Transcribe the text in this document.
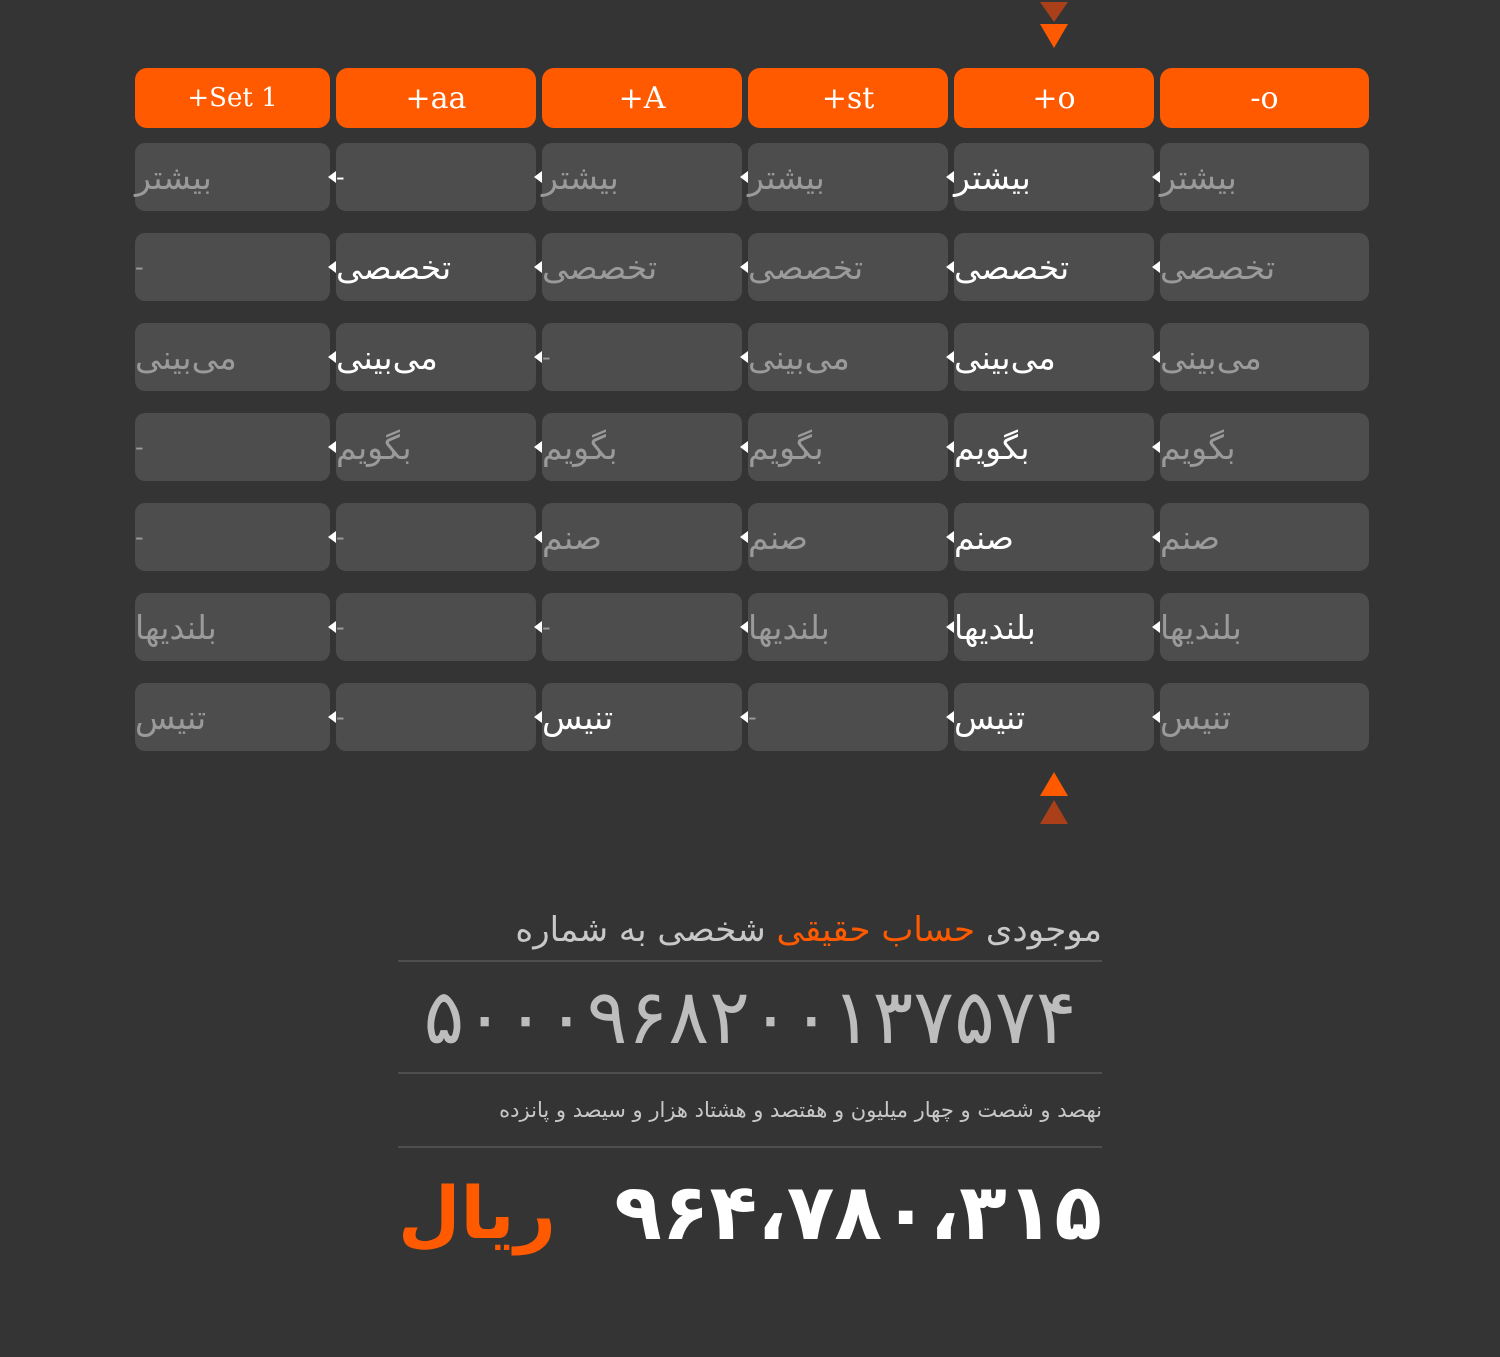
+Set 1	+aa	+A	+st	+o	-o
بیشتر	-	بیشتر	بیشتر	بیشتر	بیشتر
-	تخصصی	تخصصی	تخصصی	تخصصی	تخصصی
می‌بینی	می‌بینی	-	می‌بینی	می‌بینی	می‌بینی
-	بگویم	بگویم	بگویم	بگویم	بگویم
-	-	صنم	صنم	صنم	صنم
بلندیها	-	-	بلندیها	بلندیها	بلندیها
تنیس	-	تنیس	-	تنیس	تنیس
موجودی حساب حقیقی شخصی به شماره
۵۰۰۰۹۶۸۲۰۰۱۳۷۵۷۴
نهصد و شصت و چهار میلیون و هفتصد و هشتاد هزار و سیصد و پانزده
ریال ۹۶۴،۷۸۰،۳۱۵
